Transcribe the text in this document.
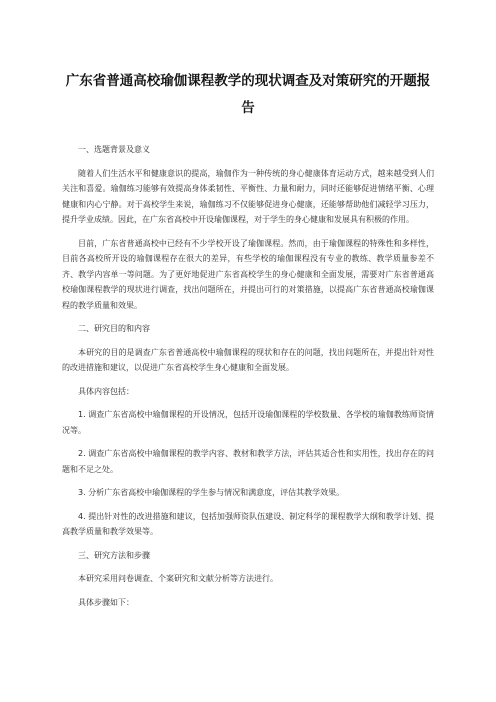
广东省普通高校瑜伽课程教学的现状调查及对策研究的开题报告
一、选题背景及意义

随着人们生活水平和健康意识的提高，瑜伽作为一种传统的身心健康体育运动方式，越来越受到人们关注和喜爱。瑜伽练习能够有效提高身体柔韧性、平衡性、力量和耐力，同时还能够促进情绪平衡、心理健康和内心宁静。对于高校学生来说，瑜伽练习不仅能够促进身心健康，还能够帮助他们减轻学习压力，提升学业成绩。因此，在广东省高校中开设瑜伽课程，对于学生的身心健康和发展具有积极的作用。

目前，广东省普通高校中已经有不少学校开设了瑜伽课程。然而，由于瑜伽课程的特殊性和多样性，目前各高校所开设的瑜伽课程存在很大的差异，有些学校的瑜伽课程没有专业的教练、教学质量参差不齐、教学内容单一等问题。为了更好地促进广东省高校学生的身心健康和全面发展，需要对广东省普通高校瑜伽课程教学的现状进行调查，找出问题所在，并提出可行的对策措施，以提高广东省普通高校瑜伽课程的教学质量和效果。

二、研究目的和内容

本研究的目的是调查广东省普通高校中瑜伽课程的现状和存在的问题，找出问题所在，并提出针对性的改进措施和建议，以促进广东省高校学生身心健康和全面发展。

具体内容包括：

1. 调查广东省高校中瑜伽课程的开设情况，包括开设瑜伽课程的学校数量、各学校的瑜伽教练师资情况等。

2. 调查广东省高校中瑜伽课程的教学内容、教材和教学方法，评估其适合性和实用性，找出存在的问题和不足之处。

3. 分析广东省高校中瑜伽课程的学生参与情况和满意度，评估其教学效果。

4. 提出针对性的改进措施和建议，包括加强师资队伍建设、制定科学的课程教学大纲和教学计划、提高教学质量和教学效果等。

三、研究方法和步骤

本研究采用问卷调查、个案研究和文献分析等方法进行。

具体步骤如下：
